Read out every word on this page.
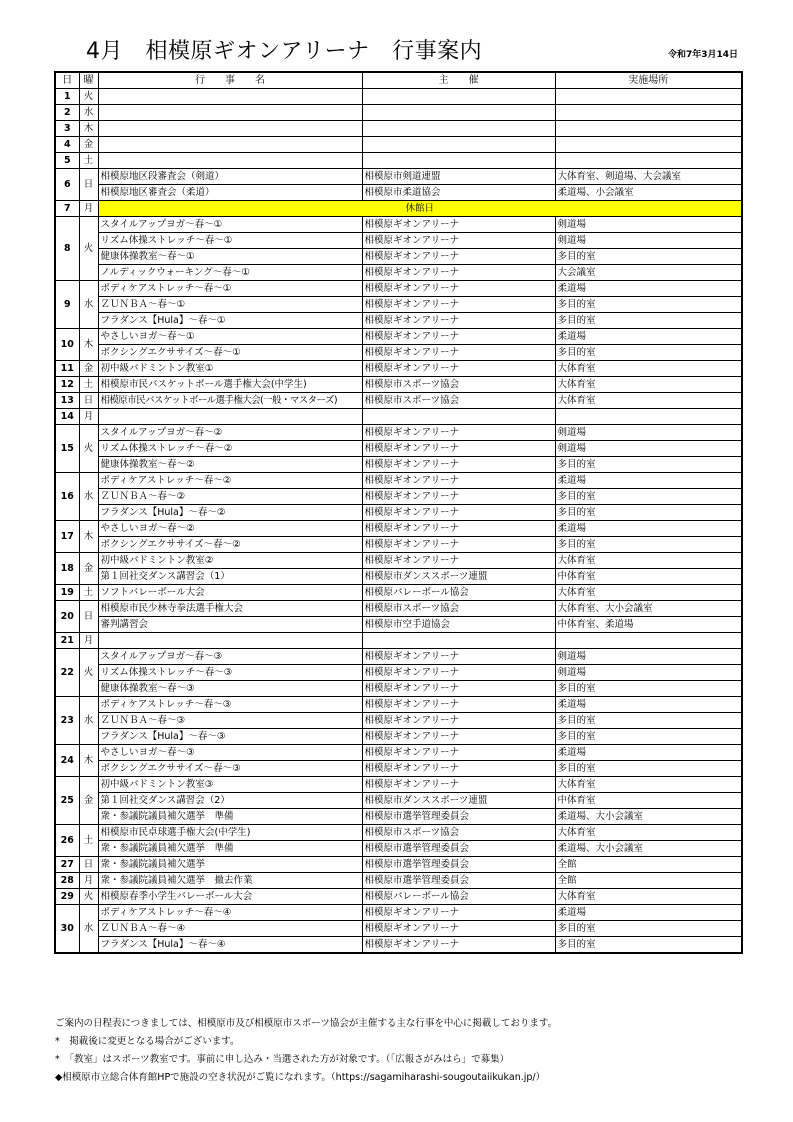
4月　相模原ギオンアリーナ　行事案内	令和7年3月14日
日	曜	行　　事　　名	主　　催	実施場所
1	火			
2	水			
3	木			
4	金			
5	土			
6	日	相模原地区段審査会（剣道）	相模原市剣道連盟	大体育室、剣道場、大会議室
		相模原地区審査会（柔道）	相模原市柔道協会	柔道場、小会議室
7	月	休館日		
8	火	スタイルアップヨガ～春～①	相模原ギオンアリーナ	剣道場
		リズム体操ストレッチ～春～①	相模原ギオンアリーナ	剣道場
		健康体操教室～春～①	相模原ギオンアリーナ	多目的室
		ノルディックウォーキング～春～①	相模原ギオンアリーナ	大会議室
9	水	ボディケアストレッチ～春～①	相模原ギオンアリーナ	柔道場
		ＺＵＮＢＡ～春～①	相模原ギオンアリーナ	多目的室
		フラダンス【Hula】～春～①	相模原ギオンアリーナ	多目的室
10	木	やさしいヨガ～春～①	相模原ギオンアリーナ	柔道場
		ボクシングエクササイズ～春～①	相模原ギオンアリーナ	多目的室
11	金	初中級バドミントン教室①	相模原ギオンアリーナ	大体育室
12	土	相模原市民バスケットボール選手権大会(中学生)	相模原市スポーツ協会	大体育室
13	日	相模原市民バスケットボール選手権大会(一般・マスターズ)	相模原市スポーツ協会	大体育室
14	月			
15	火	スタイルアップヨガ～春～②	相模原ギオンアリーナ	剣道場
		リズム体操ストレッチ～春～②	相模原ギオンアリーナ	剣道場
		健康体操教室～春～②	相模原ギオンアリーナ	多目的室
16	水	ボディケアストレッチ～春～②	相模原ギオンアリーナ	柔道場
		ＺＵＮＢＡ～春～②	相模原ギオンアリーナ	多目的室
		フラダンス【Hula】～春～②	相模原ギオンアリーナ	多目的室
17	木	やさしいヨガ～春～②	相模原ギオンアリーナ	柔道場
		ボクシングエクササイズ～春～②	相模原ギオンアリーナ	多目的室
18	金	初中級バドミントン教室②	相模原ギオンアリーナ	大体育室
		第１回社交ダンス講習会（1）	相模原市ダンススポーツ連盟	中体育室
19	土	ソフトバレーボール大会	相模原バレーボール協会	大体育室
20	日	相模原市民少林寺拳法選手権大会	相模原市スポーツ協会	大体育室、大小会議室
		審判講習会	相模原市空手道協会	中体育室、柔道場
21	月			
22	火	スタイルアップヨガ～春～③	相模原ギオンアリーナ	剣道場
		リズム体操ストレッチ～春～③	相模原ギオンアリーナ	剣道場
		健康体操教室～春～③	相模原ギオンアリーナ	多目的室
23	水	ボディケアストレッチ～春～③	相模原ギオンアリーナ	柔道場
		ＺＵＮＢＡ～春～③	相模原ギオンアリーナ	多目的室
		フラダンス【Hula】～春～③	相模原ギオンアリーナ	多目的室
24	木	やさしいヨガ～春～③	相模原ギオンアリーナ	柔道場
		ボクシングエクササイズ～春～③	相模原ギオンアリーナ	多目的室
25	金	初中級バドミントン教室③	相模原ギオンアリーナ	大体育室
		第１回社交ダンス講習会（2）	相模原市ダンススポーツ連盟	中体育室
		衆・参議院議員補欠選挙　準備	相模原市選挙管理委員会	柔道場、大小会議室
26	土	相模原市民卓球選手権大会(中学生)	相模原市スポーツ協会	大体育室
		衆・参議院議員補欠選挙　準備	相模原市選挙管理委員会	柔道場、大小会議室
27	日	衆・参議院議員補欠選挙	相模原市選挙管理委員会	全館
28	月	衆・参議院議員補欠選挙　撤去作業	相模原市選挙管理委員会	全館
29	火	相模原春季小学生バレーボール大会	相模原バレーボール協会	大体育室
30	水	ボディケアストレッチ～春～④	相模原ギオンアリーナ	柔道場
		ＺＵＮＢＡ～春～④	相模原ギオンアリーナ	多目的室
		フラダンス【Hula】～春～④	相模原ギオンアリーナ	多目的室
ご案内の日程表につきましては、相模原市及び相模原市スポーツ協会が主催する主な行事を中心に掲載しております。
*　掲載後に変更となる場合がございます。
*　「教室」はスポーツ教室です。事前に申し込み・当選された方が対象です。（「広報さがみはら」で募集）
◆相模原市立総合体育館HPで施設の空き状況がご覧になれます。（https://sagamiharashi-sougoutaiikukan.jp/）
